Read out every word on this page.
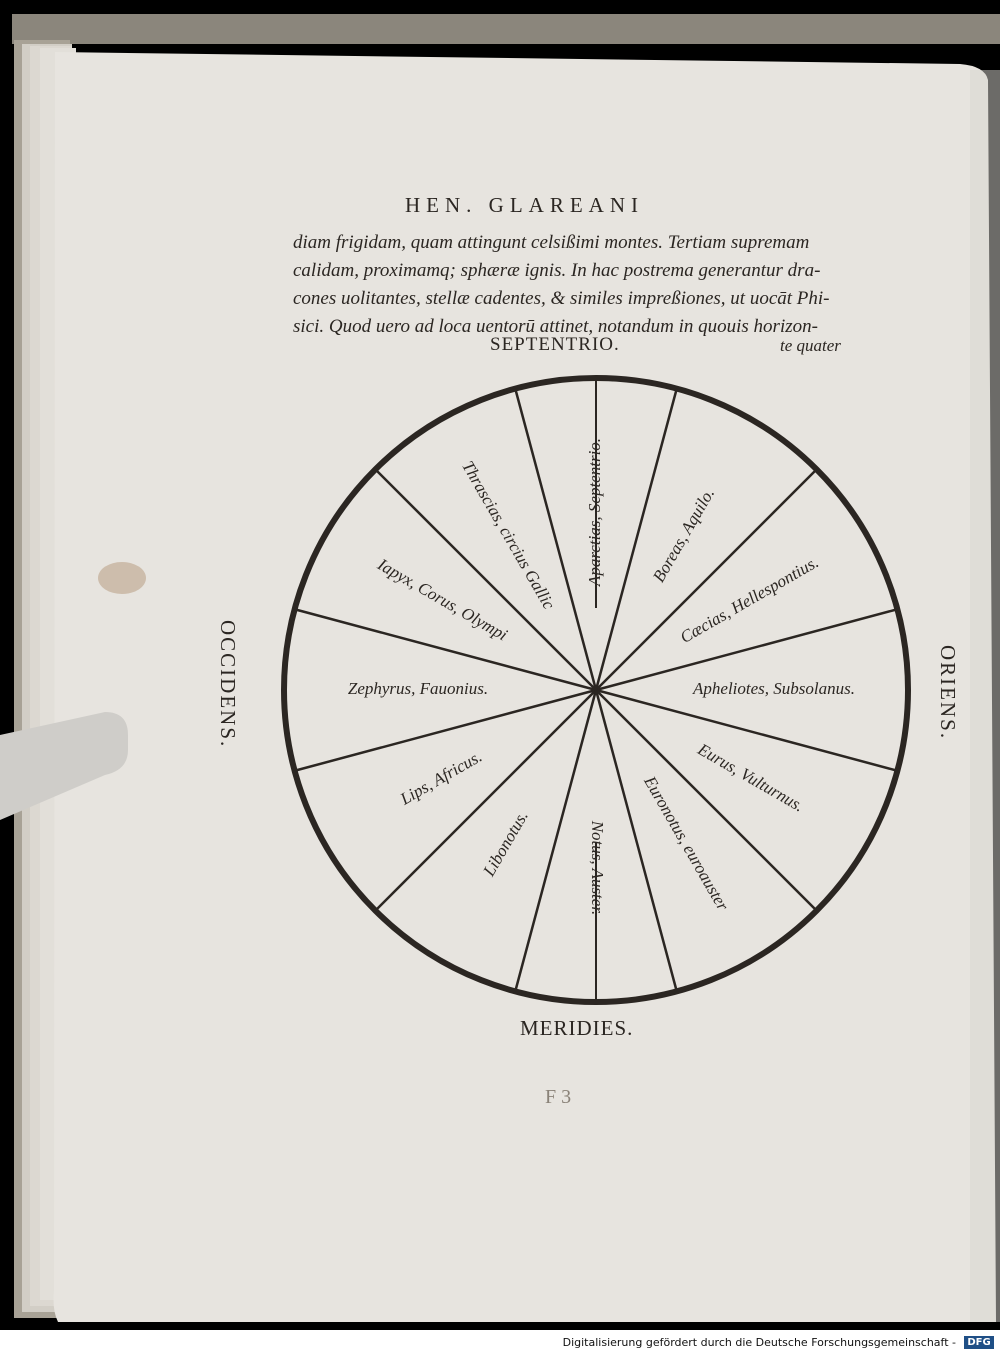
HEN. GLAREANI
diam frigidam, quam attingunt celsißimi montes. Tertiam supremam
calidam, proximamq; sphæræ ignis. In hac postrema generantur dra-
cones uolitantes, stellæ cadentes, & similes impreßiones, ut uocāt Phi-
sici. Quod uero ad loca uentorū attinet, notandum in quouis horizon-
te quater
SEPTENTRIO.
MERIDIES.
OCCIDENS.	ORIENS.
Aparctias, Septentrio.	Boreas, Aquilo.
Cæcias, Hellespontius.
Apheliotes, Subsolanus.
Eurus, Vulturnus.
Euronotus, euroauster
Notus, Auster.
Libonotus.
Lips, Africus.
Zephyrus, Fauonius.
Iapyx, Corus, Olympi
Thrascias, circius Gallic
F 3
Digitalisierung gefördert durch die Deutsche Forschungsgemeinschaft -	DFG
